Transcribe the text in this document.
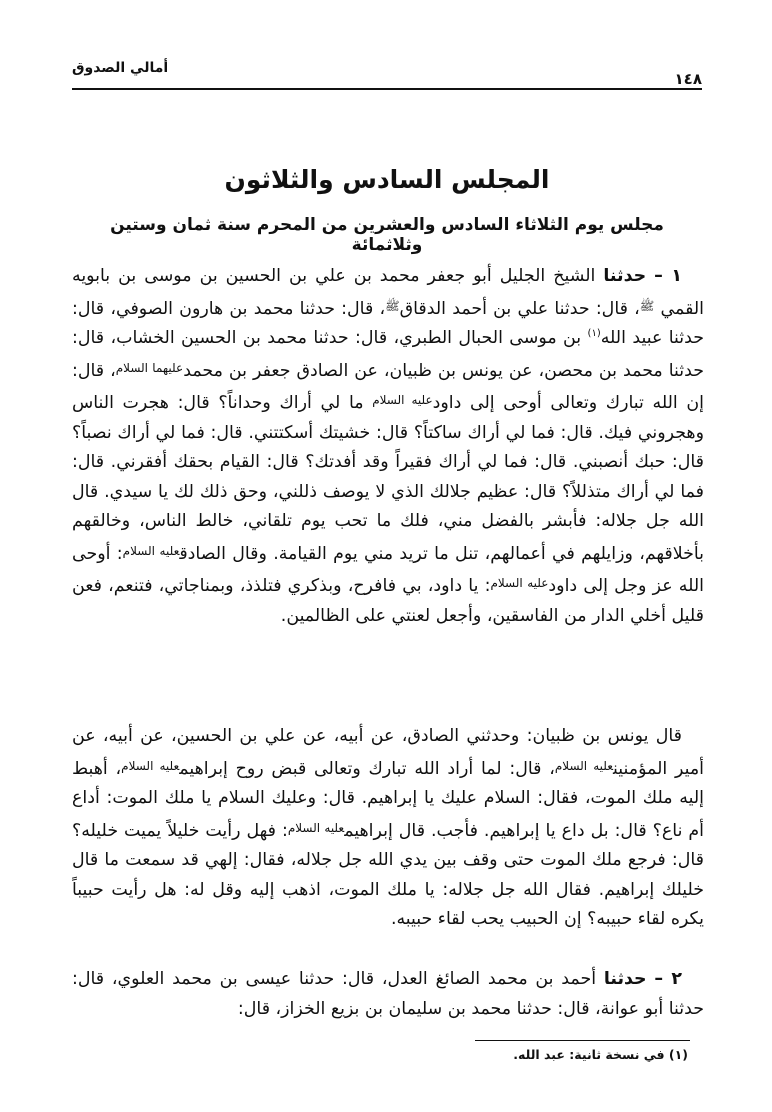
أمالي الصدوق
١٤٨
المجلس السادس والثلاثون
مجلس يوم الثلاثاء السادس والعشرين من المحرم سنة ثمان وستين وثلاثمائة

١ – حدثنا الشيخ الجليل أبو جعفر محمد بن علي بن الحسين بن موسى بن بابويه القمي $^ﷺ$، قال: حدثنا علي بن أحمد الدقاق$^ﷺ$، قال: حدثنا محمد بن هارون الصوفي، قال: حدثنا عبيد الله$^{(١)}$ بن موسى الحبال الطبري، قال: حدثنا محمد بن الحسين الخشاب، قال: حدثنا محمد بن محصن، عن يونس بن ظبيان، عن الصادق جعفر بن محمد$^{عليهما السلام}$، قال: إن الله تبارك وتعالى أوحى إلى داود$^{عليه السلام}$ ما لي أراك وحداناً؟ قال: هجرت الناس وهجروني فيك. قال: فما لي أراك ساكتاً؟ قال: خشيتك أسكتتني. قال: فما لي أراك نصباً؟ قال: حبك أنصبني. قال: فما لي أراك فقيراً وقد أفدتك؟ قال: القيام بحقك أفقرني. قال: فما لي أراك متذللاً؟ قال: عظيم جلالك الذي لا يوصف ذللني، وحق ذلك لك يا سيدي. قال الله جل جلاله: فأبشر بالفضل مني، فلك ما تحب يوم تلقاني، خالط الناس، وخالقهم بأخلاقهم، وزايلهم في أعمالهم، تنل ما تريد مني يوم القيامة. وقال الصادق$^{عليه السلام}$: أوحى الله عز وجل إلى داود$^{عليه السلام}$: يا داود، بي فافرح، وبذكري فتلذذ، وبمناجاتي، فتنعم، فعن قليل أخلي الدار من الفاسقين، وأجعل لعنتي على الظالمين.

قال يونس بن ظبيان: وحدثني الصادق، عن أبيه، عن علي بن الحسين، عن أبيه، عن أمير المؤمنين$^{عليه السلام}$، قال: لما أراد الله تبارك وتعالى قبض روح إبراهيم$^{عليه السلام}$، أهبط إليه ملك الموت، فقال: السلام عليك يا إبراهيم. قال: وعليك السلام يا ملك الموت: أداع أم ناع؟ قال: بل داع يا إبراهيم. فأجب. قال إبراهيم$^{عليه السلام}$: فهل رأيت خليلاً يميت خليله؟ قال: فرجع ملك الموت حتى وقف بين يدي الله جل جلاله، فقال: إلهي قد سمعت ما قال خليلك إبراهيم. فقال الله جل جلاله: يا ملك الموت، اذهب إليه وقل له: هل رأيت حبيباً يكره لقاء حبيبه؟ إن الحبيب يحب لقاء حبيبه.

٢ – حدثنا أحمد بن محمد الصائغ العدل، قال: حدثنا عيسى بن محمد العلوي، قال: حدثنا أبو عوانة، قال: حدثنا محمد بن سليمان بن بزيع الخزاز، قال:

(١) في نسخة ثانية: عبد الله.
